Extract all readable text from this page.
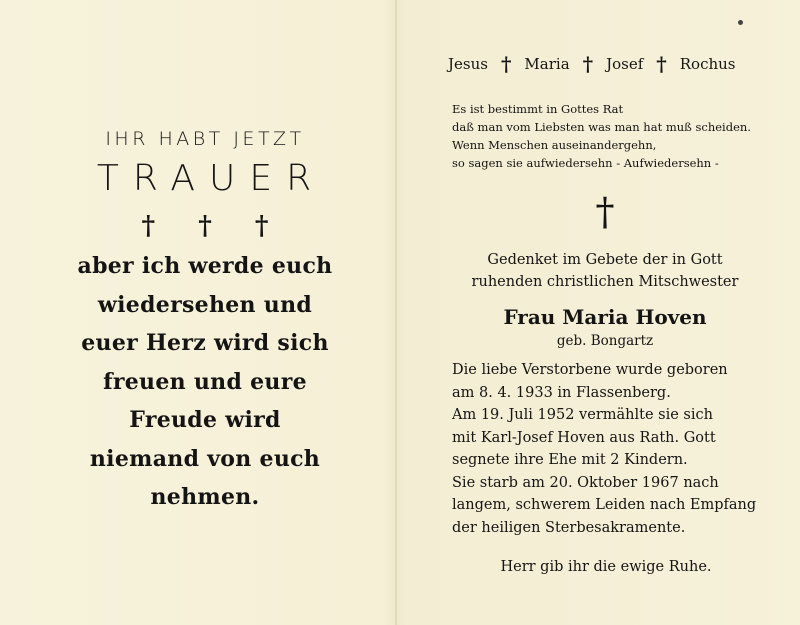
IHR HABT JETZT
TRAUER
† † †
aber ich werde euch
wiedersehen und
euer Herz wird sich
freuen und eure
Freude wird
niemand von euch
nehmen.
Jesus † Maria † Josef † Rochus
Es ist bestimmt in Gottes Rat
daß man vom Liebsten was man hat muß scheiden.
Wenn Menschen auseinandergehn,
so sagen sie aufwiedersehn - Aufwiedersehn -
†
Gedenket im Gebete der in Gott
ruhenden christlichen Mitschwester
Frau Maria Hoven
geb. Bongartz
Die liebe Verstorbene wurde geboren
am 8. 4. 1933 in Flassenberg.
Am 19. Juli 1952 vermählte sie sich
mit Karl-Josef Hoven aus Rath. Gott
segnete ihre Ehe mit 2 Kindern.
Sie starb am 20. Oktober 1967 nach
langem, schwerem Leiden nach Empfang
der heiligen Sterbesakramente.
Herr gib ihr die ewige Ruhe.
